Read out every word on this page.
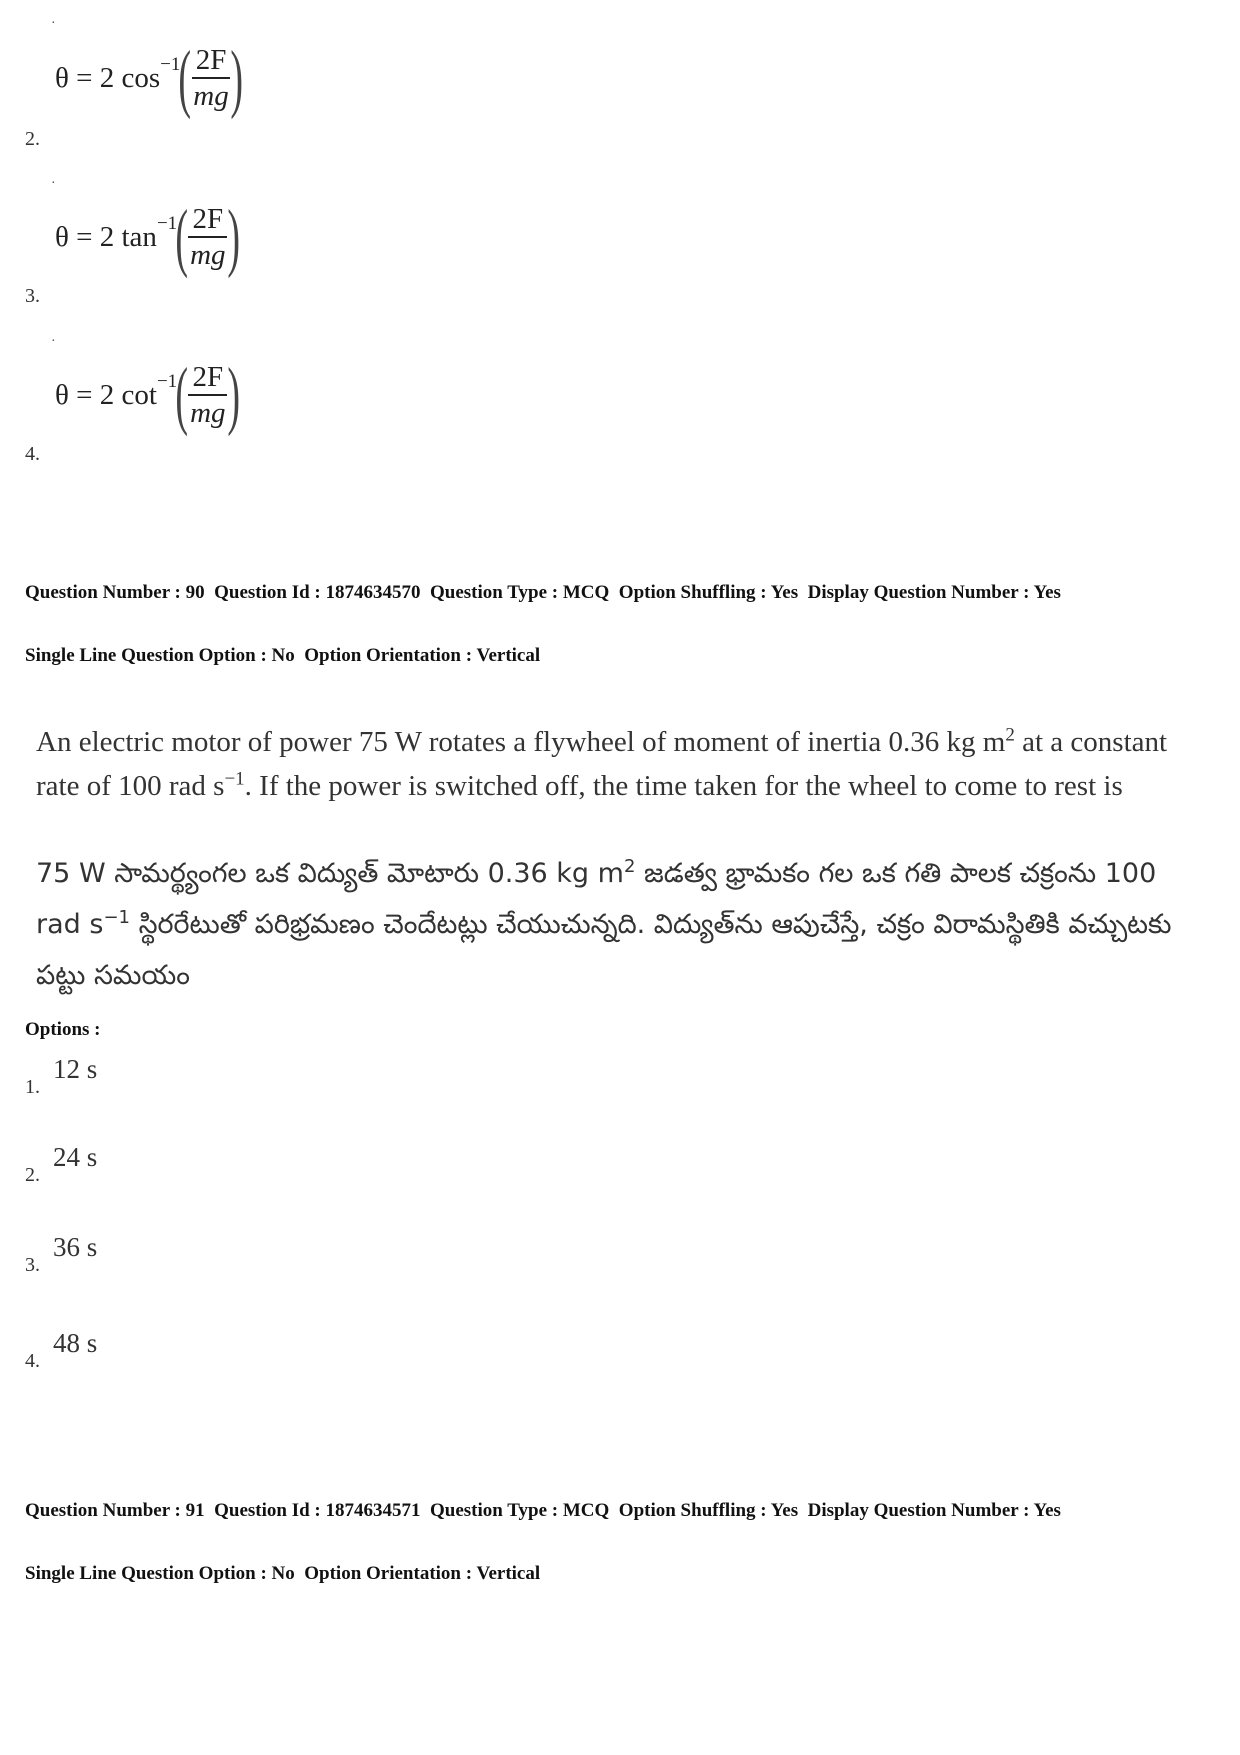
·
θ = 2
cos −1
( $\frac{2F}{mg}$ )
2.
·
θ = 2
tan −1
( $\frac{2F}{mg}$ )
3.
·
θ = 2
cot −1
( $\frac{2F}{mg}$ )
4.

Question Number : 90  Question Id : 1874634570  Question Type : MCQ  Option Shuffling : Yes  Display Question Number : Yes

Single Line Question Option : No  Option Orientation : Vertical

An electric motor of power 75 W rotates a flywheel of moment of inertia 0.36 kg $m^2$ at a constant rate of 100 rad $s^{-1}$. If the power is switched off, the time taken for the wheel to come to rest is
75 W సామర్థ్యంగల ఒక విద్యుత్ మోటారు 0.36 kg $m^2$ జడత్వ భ్రామకం గల ఒక గతి పాలక చక్రంను 100 rad $s^{-1}$ స్థిరరేటుతో పరిభ్రమణం చెందేటట్లు చేయుచున్నది. విద్యుత్‌ను ఆపుచేస్తే, చక్రం విరామస్థితికి వచ్చుటకు పట్టు సమయం
Options :
12 s
1.
24 s
2.
36 s
3.
48 s
4.

Question Number : 91  Question Id : 1874634571  Question Type : MCQ  Option Shuffling : Yes  Display Question Number : Yes

Single Line Question Option : No  Option Orientation : Vertical
